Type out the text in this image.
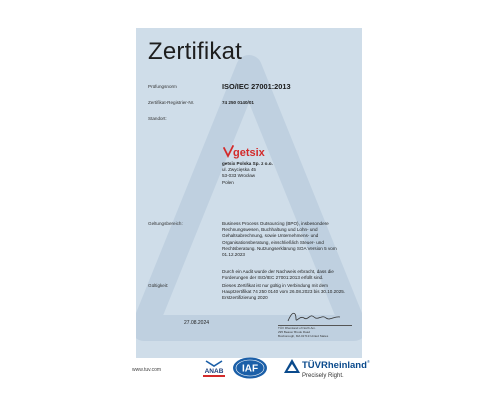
Zertifikat
Prüfungsnorm	ISO/IEC 27001:2013
Zertifikat-Registrier-Nr.	74 250 0140/01
Standort:
getsix
getsix Polska Sp. z o.o.
ul. Zwycięska 45
53-033 Wrocław
Polen
Geltungsbereich:	Business Process Outsourcing (BPO), insbesondere
Rechnungswesen, Buchhaltung und Lohn- und
Gehaltsabrechnung, sowie Unternehmens- und
Organisationsberatung, einschließlich Steuer- und
Rechtsberatung. Nutzungserklärung SOA Version 5 vom
01.12.2023
Durch ein Audit wurde der Nachweis erbracht, dass die
Forderungen der ISO/IEC 27001:2013 erfüllt sind.
Gültigkeit:	Dieses Zertifikat ist nur gültig in Verbindung mit dem
Hauptzertifikat 74 250 0140 vom 26.08.2023 bis 30.10.2025.
Erstzertifizierung 2020
27.08.2024
TÜV Rheinland of North Am.
295 Beaver Brook Road
Boxborough, MA 01719 United States
www.tuv.com	ANAB IAF	TÜVRheinland ®
Precisely Right.
